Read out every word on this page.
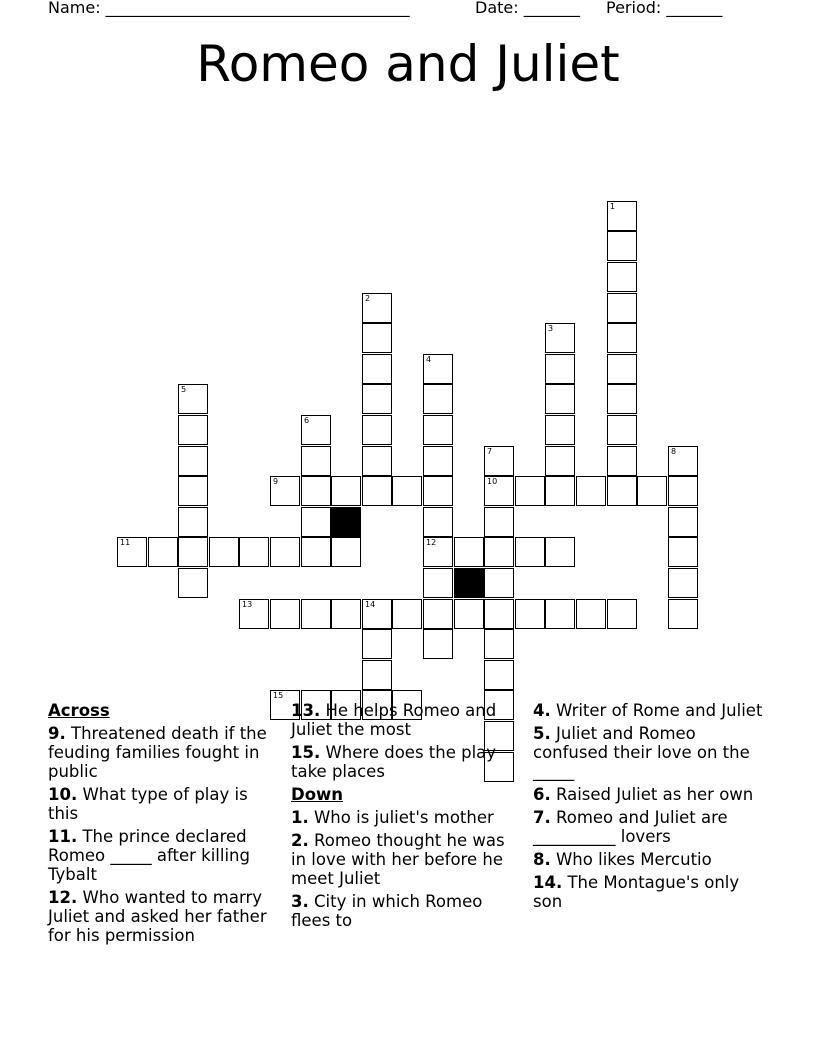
Name: ______________________________________

	Date: _______

Period: _______

Romeo and Juliet
1
2
3
4
12
5
6
7
10
8
9
11
13	14
15
Across
9. Threatened death if the feuding families fought in public
10. What type of play is this
11. The prince declared Romeo _____ after killing Tybalt
12. Who wanted to marry Juliet and asked her father for his permission
13. He helps Romeo and Juliet the most
15. Where does the play take places
Down
1. Who is juliet's mother
2. Romeo thought he was in love with her before he meet Juliet
3. City in which Romeo flees to
4. Writer of Rome and Juliet
5. Juliet and Romeo confused their love on the _____
6. Raised Juliet as her own
7. Romeo and Juliet are __________ lovers
8. Who likes Mercutio
14. The Montague's only son
